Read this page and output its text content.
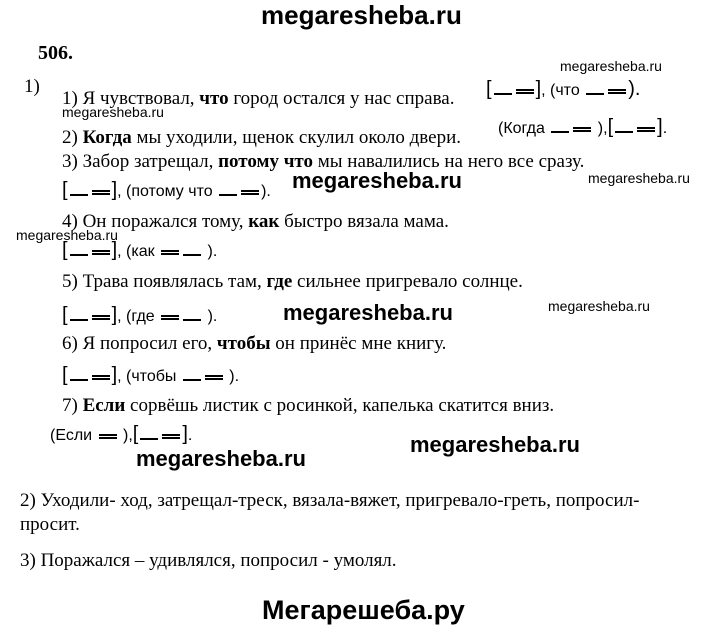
megaresheba.ru
506.
1)
1) Я чувствовал, что город остался у нас справа. [ ], (что ).
2) Когда мы уходили, щенок скулил около двери. (Когда	),[ ].
3) Забор затрещал, потому что мы навалились на него все сразу.
[ ], (потому что	).
4) Он поражался тому, как быстро вязала мама.
[ ], (как	).
5) Трава появлялась там, где сильнее пригревало солнце.
[ ], (где	).
6) Я попросил его, чтобы он принёс мне книгу.
[ ], (чтобы	).
7) Если сорвёшь листик с росинкой, капелька скатится вниз.
(Если  ),[ ].
megaresheba.ru
megaresheba.ru
megaresheba.ru	megaresheba.ru
megaresheba.ru
megaresheba.ru	megaresheba.ru
megaresheba.ru
megaresheba.ru
2) Уходили- ход, затрещал-треск, вязала-вяжет, пригревало-греть, попросил-
просит.
3) Поражался – удивлялся, попросил - умолял.
Мегарешеба.ру
